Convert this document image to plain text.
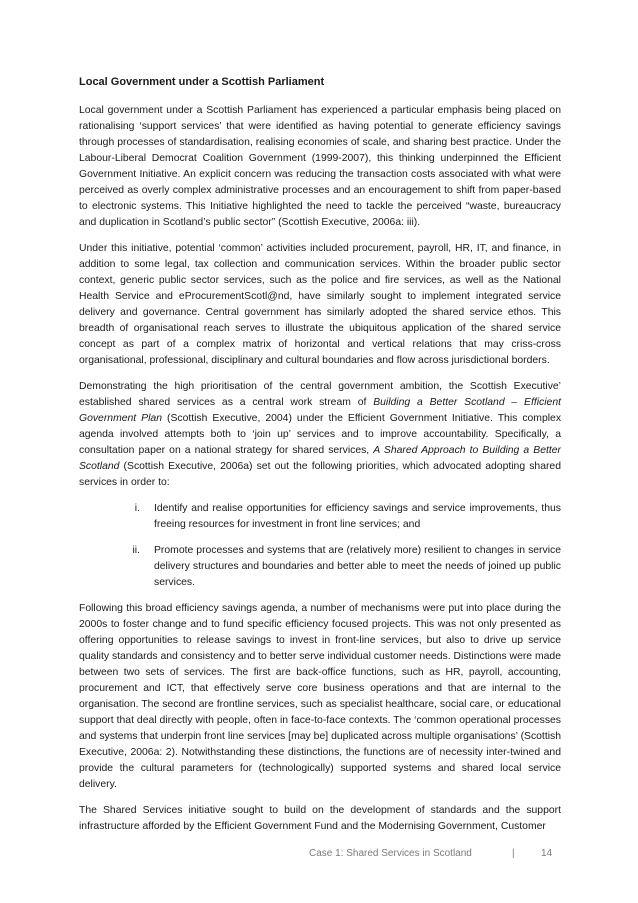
Local Government under a Scottish Parliament

Local government under a Scottish Parliament has experienced a particular emphasis being placed on rationalising ‘support services’ that were identified as having potential to generate efficiency savings through processes of standardisation, realising economies of scale, and sharing best practice. Under the Labour-Liberal Democrat Coalition Government (1999-2007), this thinking underpinned the Efficient Government Initiative. An explicit concern was reducing the transaction costs associated with what were perceived as overly complex administrative processes and an encouragement to shift from paper-based to electronic systems. This Initiative highlighted the need to tackle the perceived “waste, bureaucracy and duplication in Scotland’s public sector” (Scottish Executive, 2006a: iii).

Under this initiative, potential ‘common’ activities included procurement, payroll, HR, IT, and finance, in addition to some legal, tax collection and communication services. Within the broader public sector context, generic public sector services, such as the police and fire services, as well as the National Health Service and eProcurementScotl@nd, have similarly sought to implement integrated service delivery and governance. Central government has similarly adopted the shared service ethos. This breadth of organisational reach serves to illustrate the ubiquitous application of the shared service concept as part of a complex matrix of horizontal and vertical relations that may criss-cross organisational, professional, disciplinary and cultural boundaries and flow across jurisdictional borders.

Demonstrating the high prioritisation of the central government ambition, the Scottish Executive’ established shared services as a central work stream of Building a Better Scotland – Efficient Government Plan (Scottish Executive, 2004) under the Efficient Government Initiative. This complex agenda involved attempts both to ‘join up’ services and to improve accountability. Specifically, a consultation paper on a national strategy for shared services, A Shared Approach to Building a Better Scotland (Scottish Executive, 2006a) set out the following priorities, which advocated adopting shared services in order to:

i.	Identify and realise opportunities for efficiency savings and service improvements, thus freeing resources for investment in front line services; and
ii.	Promote processes and systems that are (relatively more) resilient to changes in service delivery structures and boundaries and better able to meet the needs of joined up public services.

Following this broad efficiency savings agenda, a number of mechanisms were put into place during the 2000s to foster change and to fund specific efficiency focused projects. This was not only presented as offering opportunities to release savings to invest in front-line services, but also to drive up service quality standards and consistency and to better serve individual customer needs. Distinctions were made between two sets of services. The first are back-office functions, such as HR, payroll, accounting, procurement and ICT, that effectively serve core business operations and that are internal to the organisation. The second are frontline services, such as specialist healthcare, social care, or educational support that deal directly with people, often in face-to-face contexts. The ‘common operational processes and systems that underpin front line services [may be] duplicated across multiple organisations’ (Scottish Executive, 2006a: 2). Notwithstanding these distinctions, the functions are of necessity inter-twined and provide the cultural parameters for (technologically) supported systems and shared local service delivery.

The Shared Services initiative sought to build on the development of standards and the support infrastructure afforded by the Efficient Government Fund and the Modernising Government, Customer

Case 1: Shared Services in Scotland	|	14
